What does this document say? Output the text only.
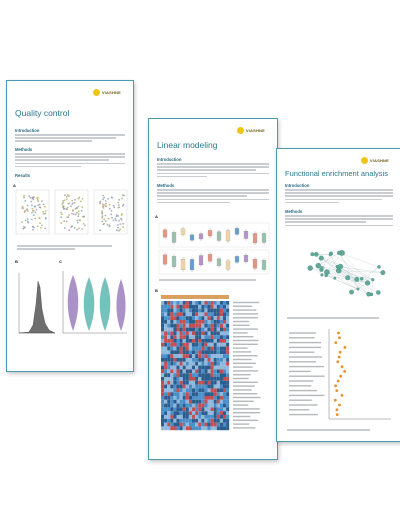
VIASHNE
Quality control
Introduction
Methods
Results
A
B	C
VIASHNE
Linear modeling
Introduction
Methods
A
B
VIASHNE
Functional enrichment analysis
Introduction
Methods
